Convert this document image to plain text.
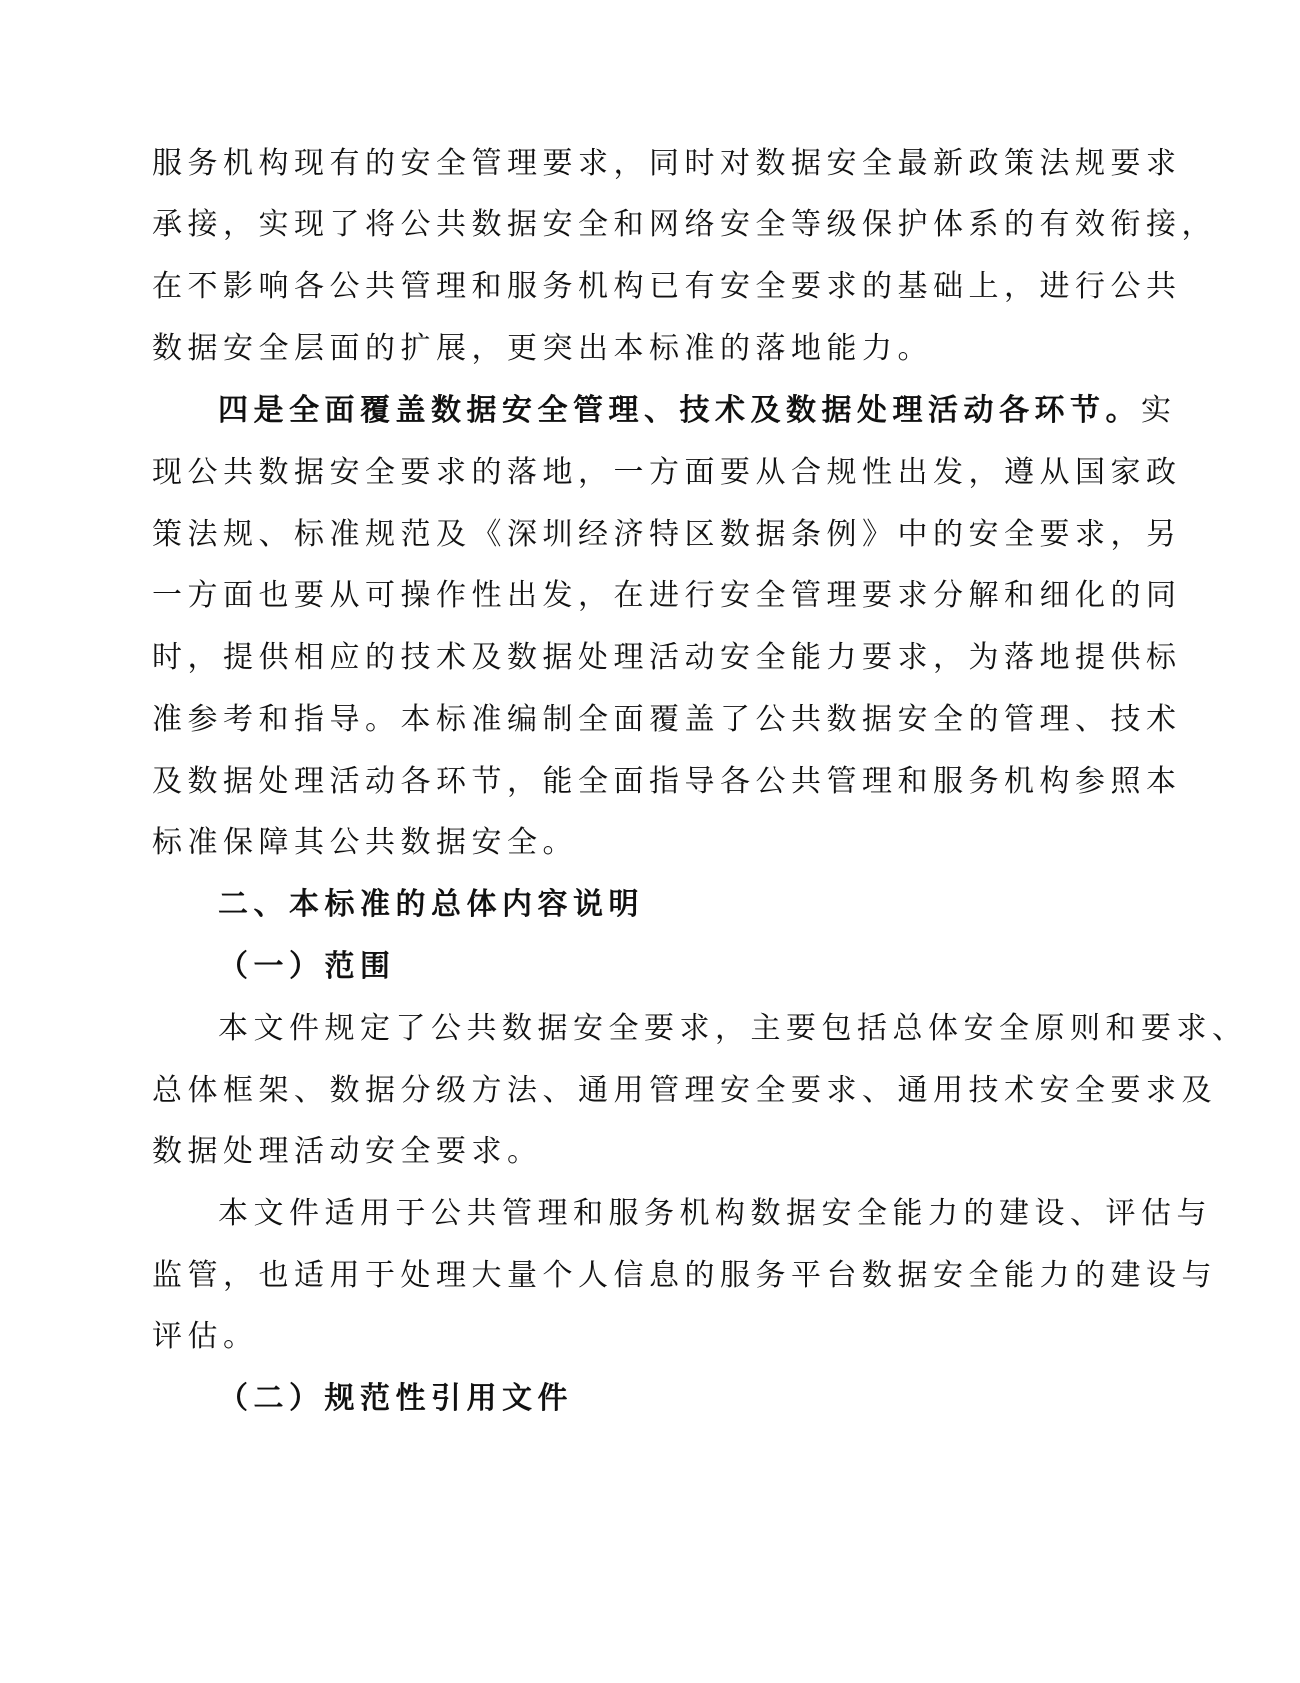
服务机构现有的安全管理要求，同时对数据安全最新政策法规要求
承接，实现了将公共数据安全和网络安全等级保护体系的有效衔接，
在不影响各公共管理和服务机构已有安全要求的基础上，进行公共
数据安全层面的扩展，更突出本标准的落地能力。
四是全面覆盖数据安全管理、技术及数据处理活动各环节。实
现公共数据安全要求的落地，一方面要从合规性出发，遵从国家政
策法规、标准规范及《深圳经济特区数据条例》中的安全要求，另
一方面也要从可操作性出发，在进行安全管理要求分解和细化的同
时，提供相应的技术及数据处理活动安全能力要求，为落地提供标
准参考和指导。本标准编制全面覆盖了公共数据安全的管理、技术
及数据处理活动各环节，能全面指导各公共管理和服务机构参照本
标准保障其公共数据安全。
二、本标准的总体内容说明
（一）范围
本文件规定了公共数据安全要求，主要包括总体安全原则和要求、
总体框架、数据分级方法、通用管理安全要求、通用技术安全要求及
数据处理活动安全要求。
本文件适用于公共管理和服务机构数据安全能力的建设、评估与
监管，也适用于处理大量个人信息的服务平台数据安全能力的建设与
评估。
（二）规范性引用文件
